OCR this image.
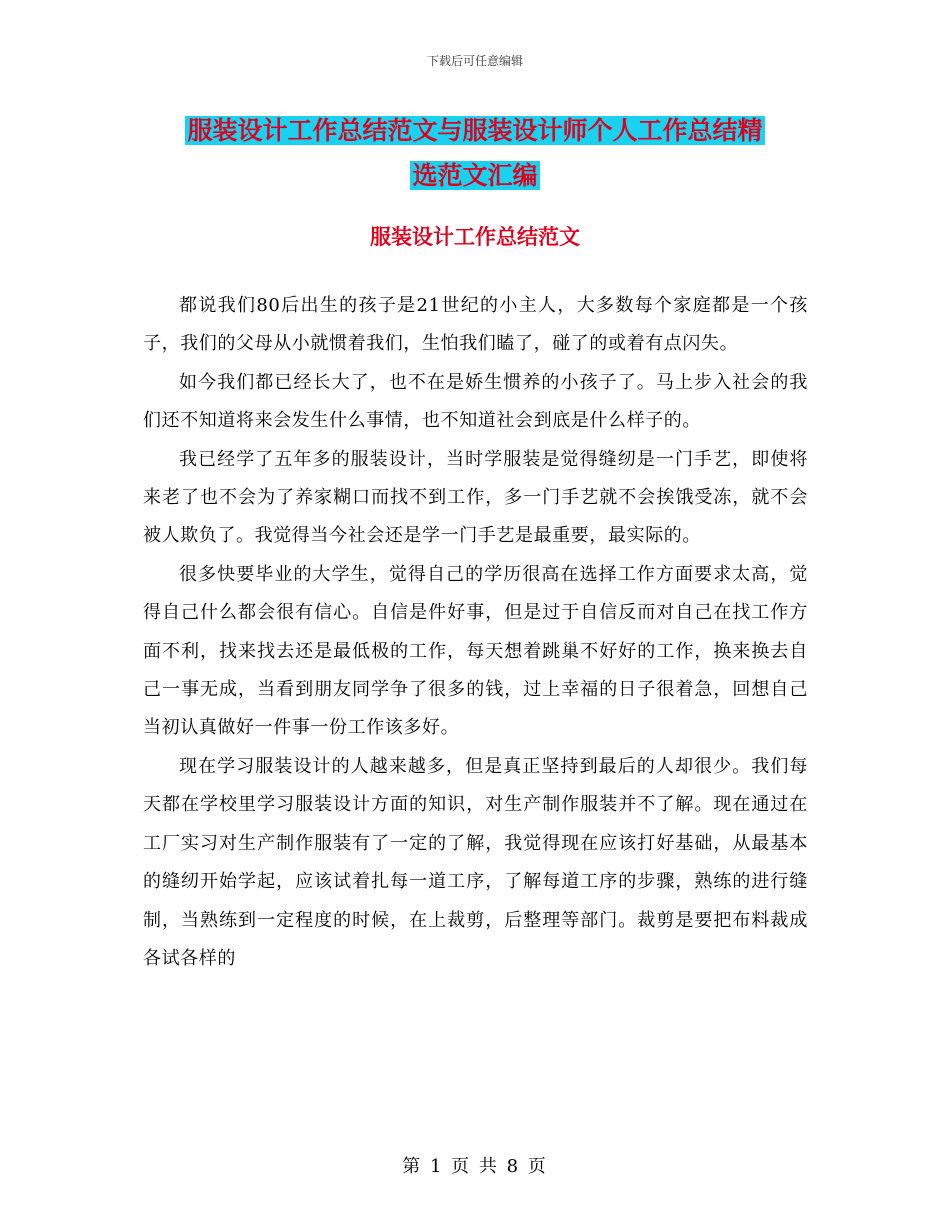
下载后可任意编辑
服装设计工作总结范文与服装设计师个人工作总结精
选范文汇编
服装设计工作总结范文

都说我们80后出生的孩子是21世纪的小主人，大多数每个家庭都是一个孩子，我们的父母从小就惯着我们，生怕我们瞌了，碰了的或着有点闪失。

如今我们都已经长大了，也不在是娇生惯养的小孩子了。马上步入社会的我们还不知道将来会发生什么事情，也不知道社会到底是什么样子的。

我已经学了五年多的服装设计，当时学服装是觉得缝纫是一门手艺，即使将来老了也不会为了养家糊口而找不到工作，多一门手艺就不会挨饿受冻，就不会被人欺负了。我觉得当今社会还是学一门手艺是最重要，最实际的。

很多快要毕业的大学生，觉得自己的学历很高在选择工作方面要求太高，觉得自己什么都会很有信心。自信是件好事，但是过于自信反而对自己在找工作方面不利，找来找去还是最低极的工作，每天想着跳巢不好好的工作，换来换去自己一事无成，当看到朋友同学争了很多的钱，过上幸福的日子很着急，回想自己当初认真做好一件事一份工作该多好。

现在学习服装设计的人越来越多，但是真正坚持到最后的人却很少。我们每天都在学校里学习服装设计方面的知识，对生产制作服装并不了解。现在通过在工厂实习对生产制作服装有了一定的了解，我觉得现在应该打好基础，从最基本的缝纫开始学起，应该试着扎每一道工序，了解每道工序的步骤，熟练的进行缝制，当熟练到一定程度的时候，在上裁剪，后整理等部门。裁剪是要把布料裁成各试各样的

第 1 页 共 8 页
